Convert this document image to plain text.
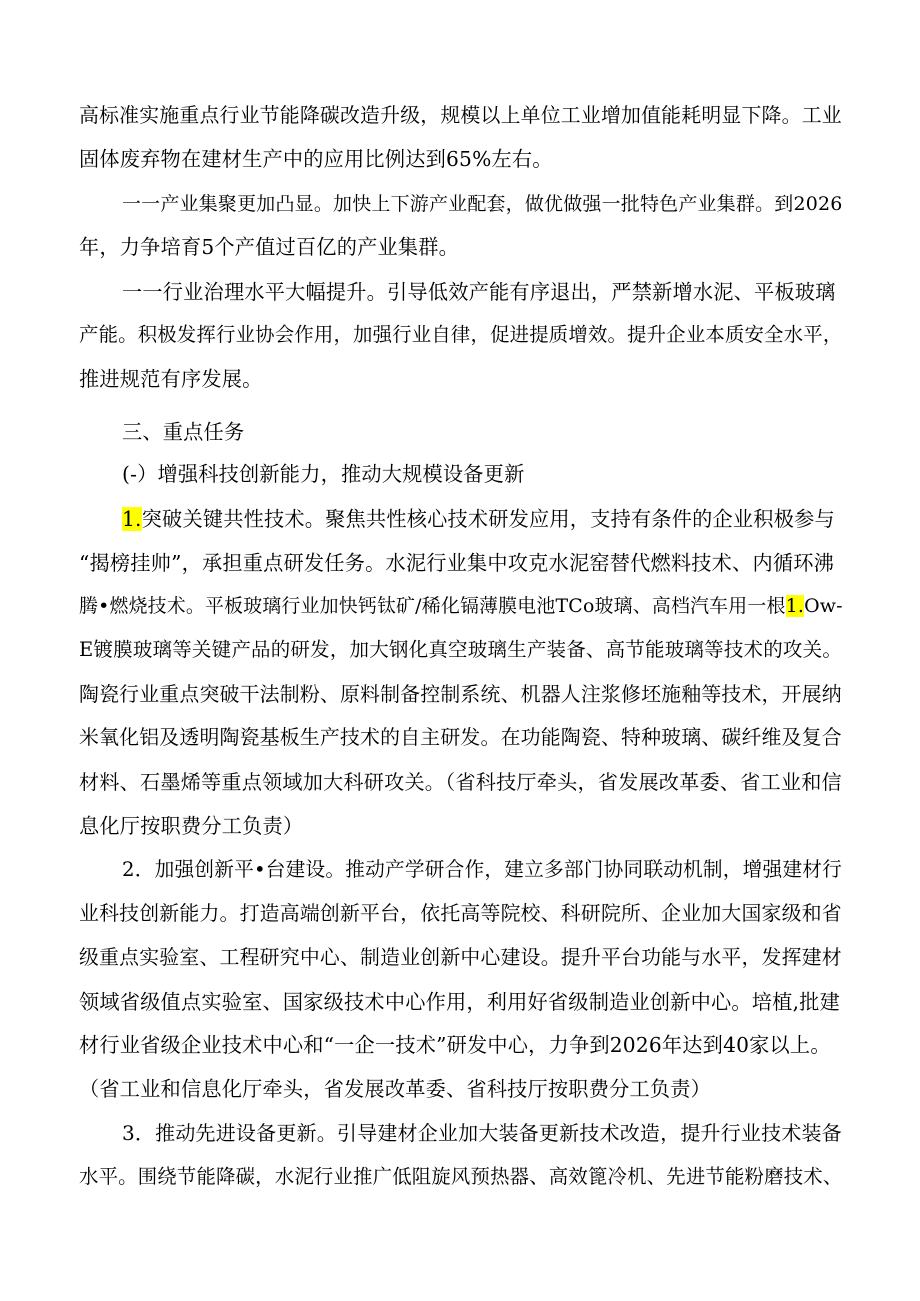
高标准实施重点行业节能降碳改造升级，规模以上单位工业增加值能耗明显下降。工业

固体废弃物在建材生产中的应用比例达到65%左右。

一一产业集聚更加凸显。加快上下游产业配套，做优做强一批特色产业集群。到2026

年，力争培育5个产值过百亿的产业集群。

一一行业治理水平大幅提升。引导低效产能有序退出，严禁新增水泥、平板玻璃

产能。积极发挥行业协会作用，加强行业自律，促进提质增效。提升企业本质安全水平，

推进规范有序发展。

三、重点任务

(-）增强科技创新能力，推动大规模设备更新

1.突破关键共性技术。聚焦共性核心技术研发应用，支持有条件的企业积极参与

“揭榜挂帅”，承担重点研发任务。水泥行业集中攻克水泥窑替代燃料技术、内循环沸

腾•燃烧技术。平板玻璃行业加快钙钛矿/稀化镉薄膜电池TCo玻璃、高档汽车用一根1.Ow-

E镀膜玻璃等关键产品的研发，加大钢化真空玻璃生产装备、高节能玻璃等技术的攻关。

陶瓷行业重点突破干法制粉、原料制备控制系统、机器人注浆修坯施釉等技术，开展纳

米氧化铝及透明陶瓷基板生产技术的自主研发。在功能陶瓷、特种玻璃、碳纤维及复合

材料、石墨烯等重点领域加大科研攻关。（省科技厅牵头，省发展改革委、省工业和信

息化厅按职费分工负责）

2．加强创新平•台建设。推动产学研合作，建立多部门协同联动机制，增强建材行

业科技创新能力。打造高端创新平台，依托高等院校、科研院所、企业加大国家级和省

级重点实验室、工程研究中心、制造业创新中心建设。提升平台功能与水平，发挥建材

领域省级值点实验室、国家级技术中心作用，利用好省级制造业创新中心。培植,批建

材行业省级企业技术中心和“一企一技术”研发中心，力争到2026年达到40家以上。

（省工业和信息化厅牵头，省发展改革委、省科技厅按职费分工负责）

3．推动先进设备更新。引导建材企业加大装备更新技术改造，提升行业技术装备

水平。围绕节能降碳，水泥行业推广低阻旋风预热器、高效篦冷机、先进节能粉磨技术、
